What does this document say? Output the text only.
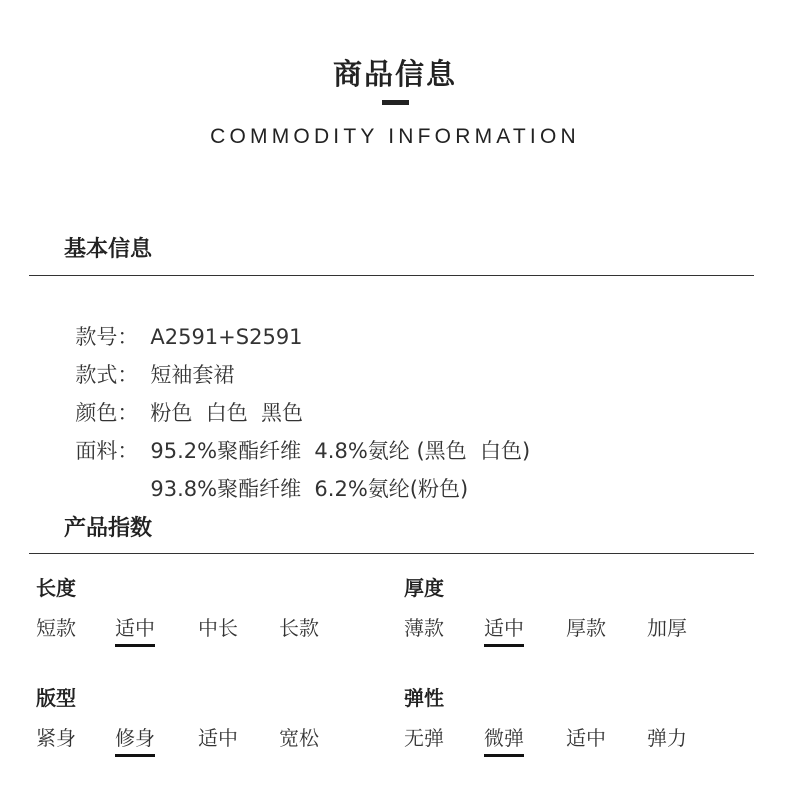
商品信息
COMMODITY INFORMATION
基本信息

款号： A2591+S2591

款式： 短袖套裙

颜色： 粉色  白色  黑色

面料： 95.2%聚酯纤维  4.8%氨纶 (黑色  白色)

93.8%聚酯纤维  6.2%氨纶(粉色)

产品指数
长度
短款 适中 中长 长款
厚度
薄款 适中 厚款 加厚
版型
紧身 修身 适中 宽松
弹性
无弹 微弹 适中 弹力
